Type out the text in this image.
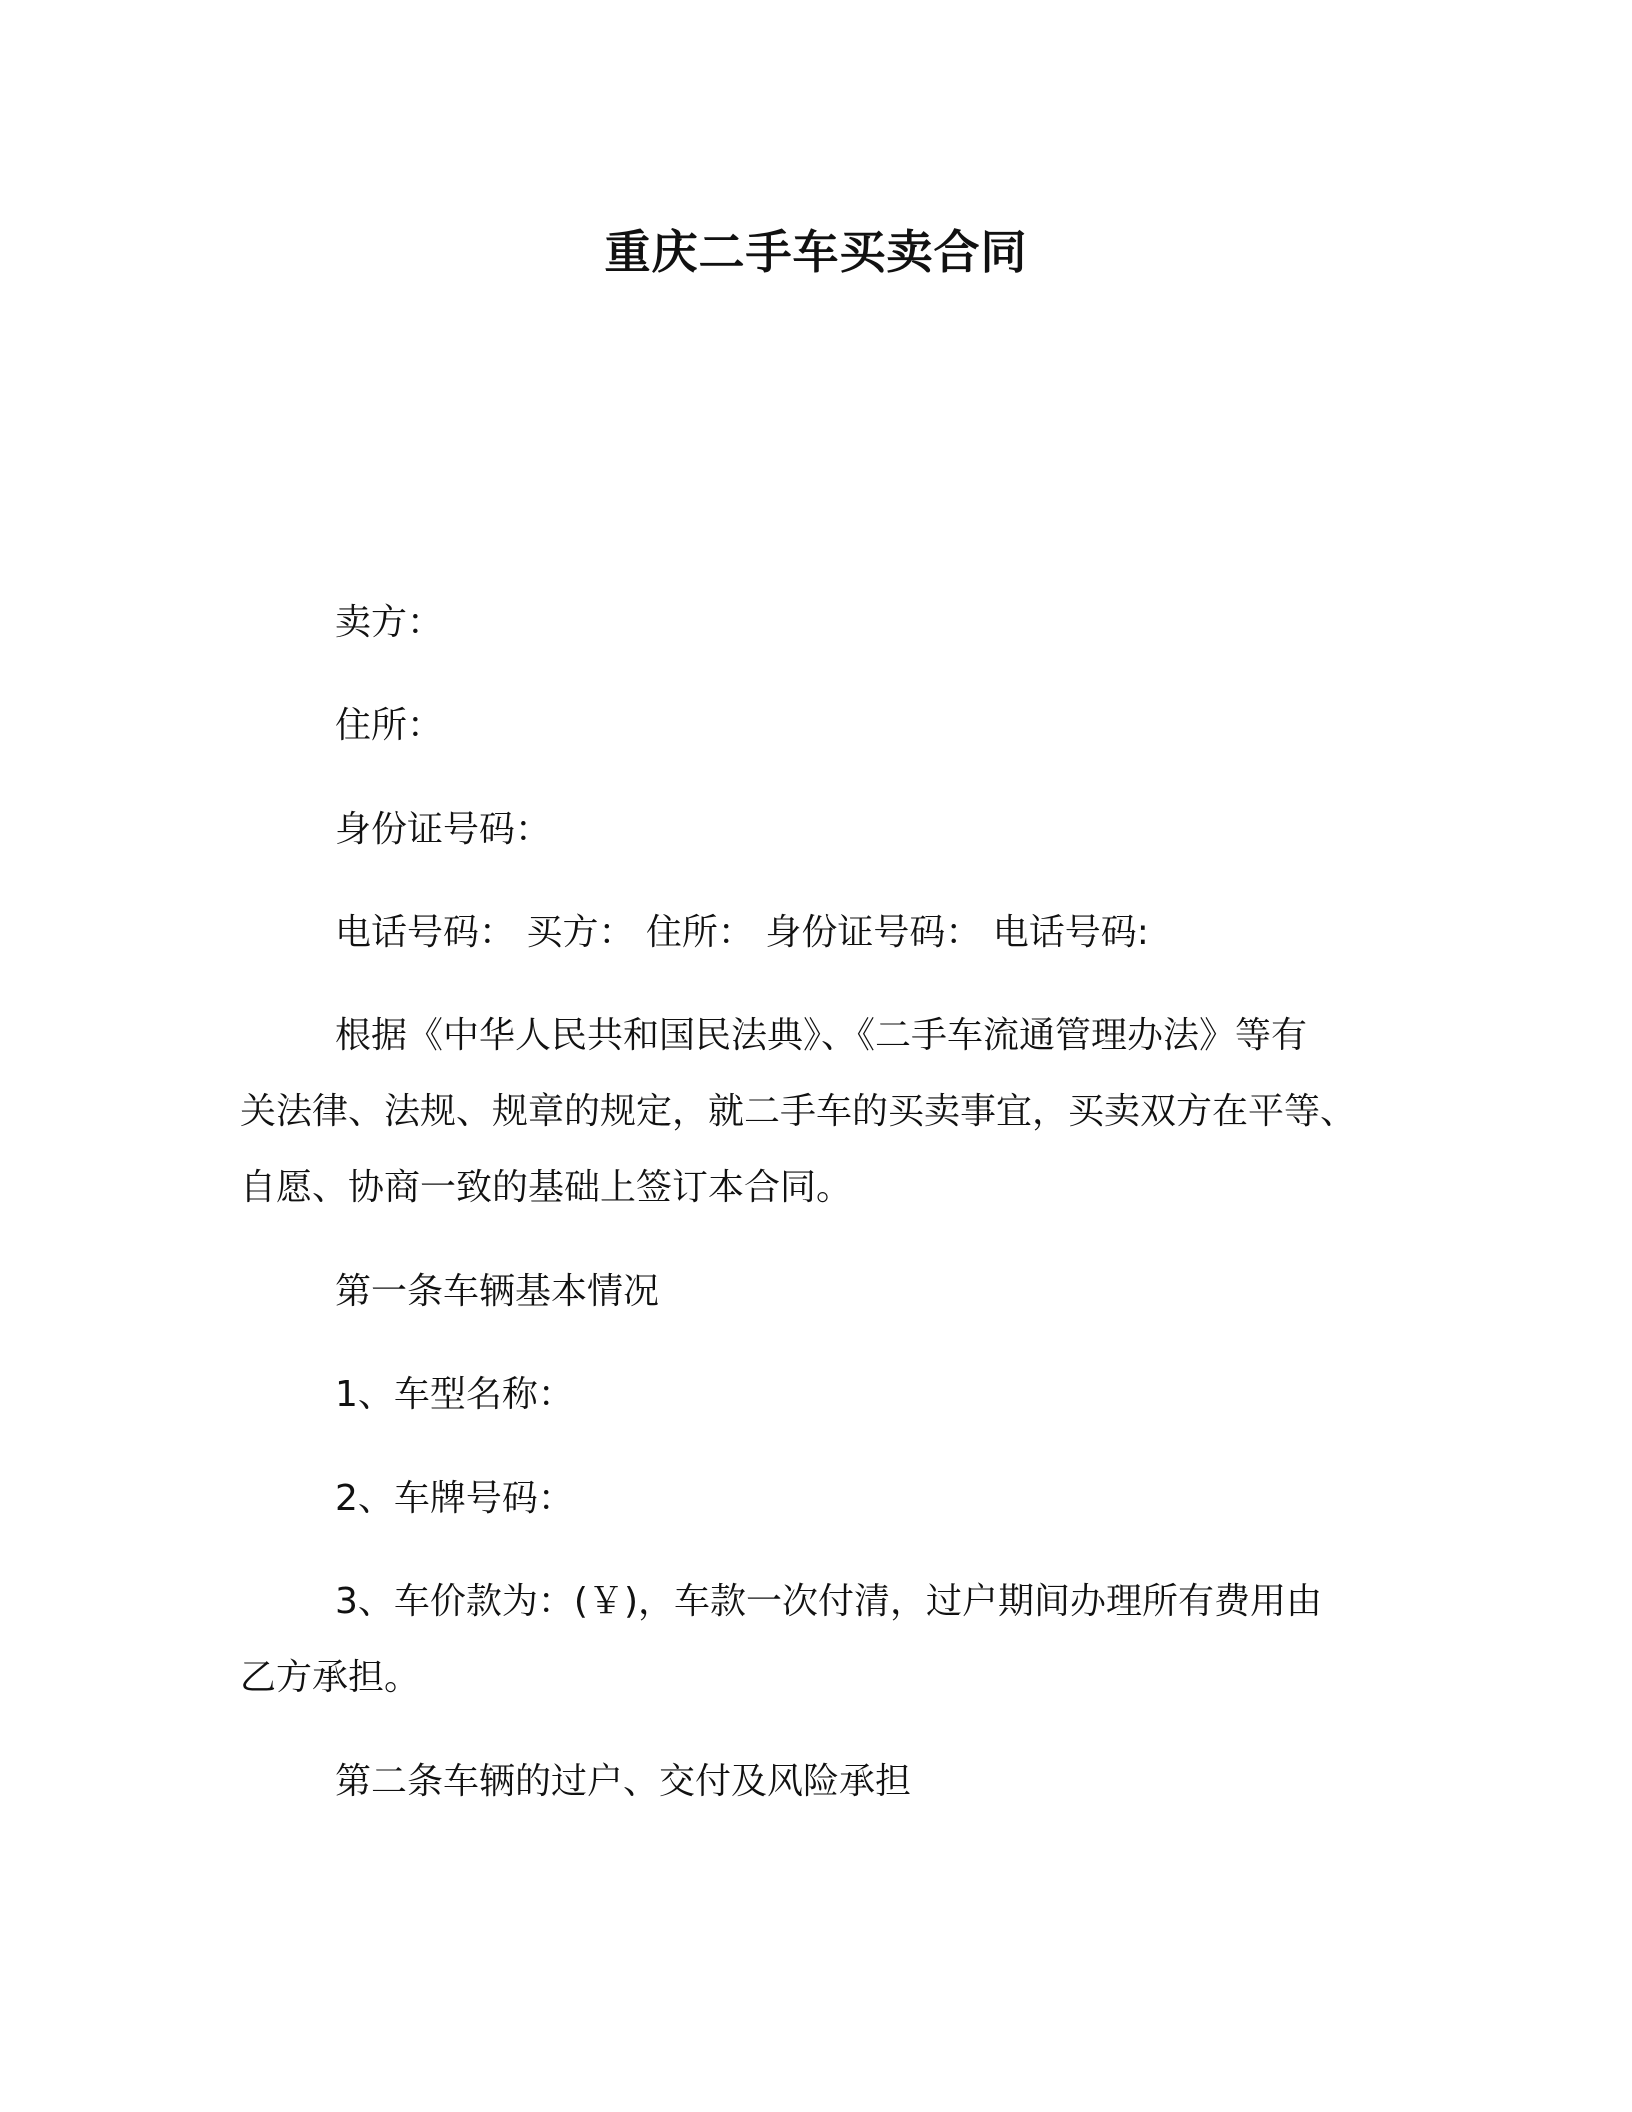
重庆二手车买卖合同
卖方：
住所：
身份证号码：
电话号码： 买方： 住所： 身份证号码： 电话号码:
根据《中华人民共和国民法典》、《二手车流通管理办法》等有
关法律、法规、规章的规定，就二手车的买卖事宜，买卖双方在平等、
自愿、协商一致的基础上签订本合同。
第一条车辆基本情况
1、车型名称：
2、车牌号码：
3、车价款为：(￥)，车款一次付清，过户期间办理所有费用由
乙方承担。
第二条车辆的过户、交付及风险承担
